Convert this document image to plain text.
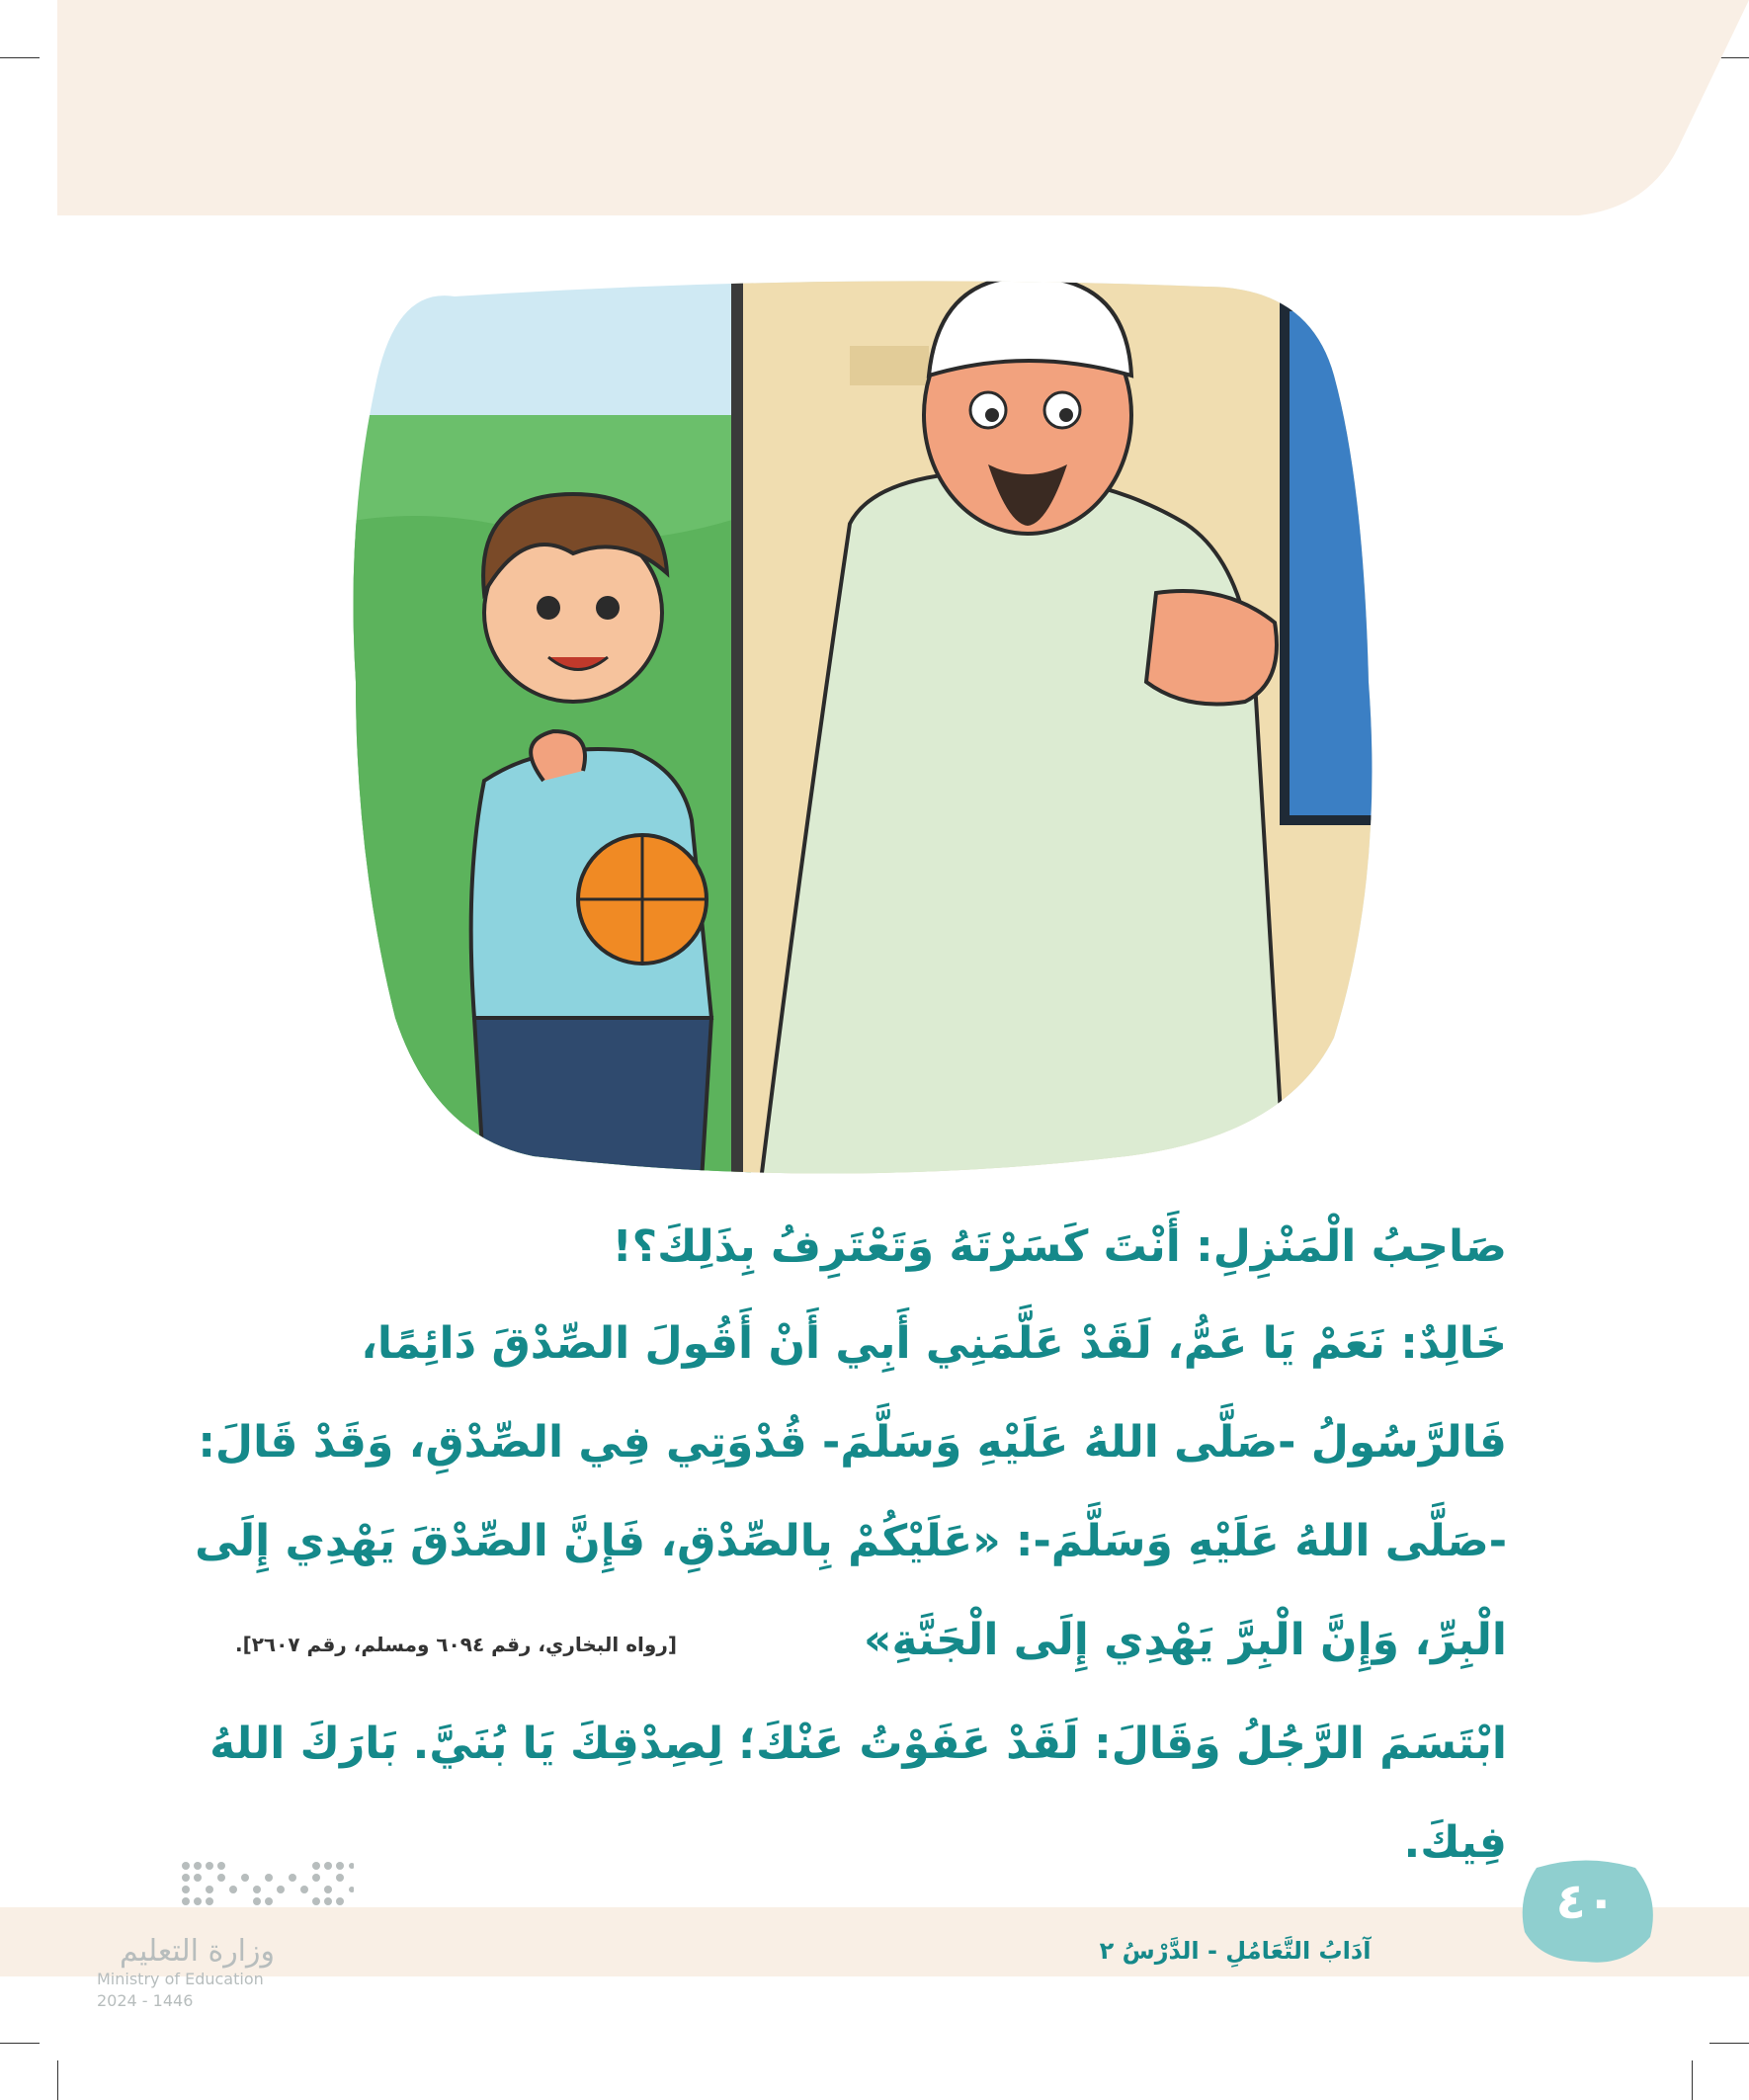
صَاحِبُ الْمَنْزِلِ: أَنْتَ كَسَرْتَهُ وَتَعْتَرِفُ بِذَلِكَ؟!
خَالِدٌ: نَعَمْ يَا عَمُّ، لَقَدْ عَلَّمَنِي أَبِي أَنْ أَقُولَ الصِّدْقَ دَائِمًا، فَالرَّسُولُ -صَلَّى اللهُ عَلَيْهِ وَسَلَّمَ- قُدْوَتِي فِي الصِّدْقِ، وَقَدْ قَالَ: -صَلَّى اللهُ عَلَيْهِ وَسَلَّمَ-: «عَلَيْكُمْ بِالصِّدْقِ، فَإِنَّ الصِّدْقَ يَهْدِي إِلَى الْبِرِّ، وَإِنَّ الْبِرَّ يَهْدِي إِلَى الْجَنَّةِ»
[رواه البخاري، رقم ٦٠٩٤ ومسلم، رقم ٢٦٠٧].
ابْتَسَمَ الرَّجُلُ وَقَالَ: لَقَدْ عَفَوْتُ عَنْكَ؛ لِصِدْقِكَ يَا بُنَيَّ. بَارَكَ اللهُ فِيكَ.
٤٠
آدَابُ التَّعَامُلِ - الدَّرْسُ ٢
وزارة التعليم
Ministry of Education
2024 - 1446
